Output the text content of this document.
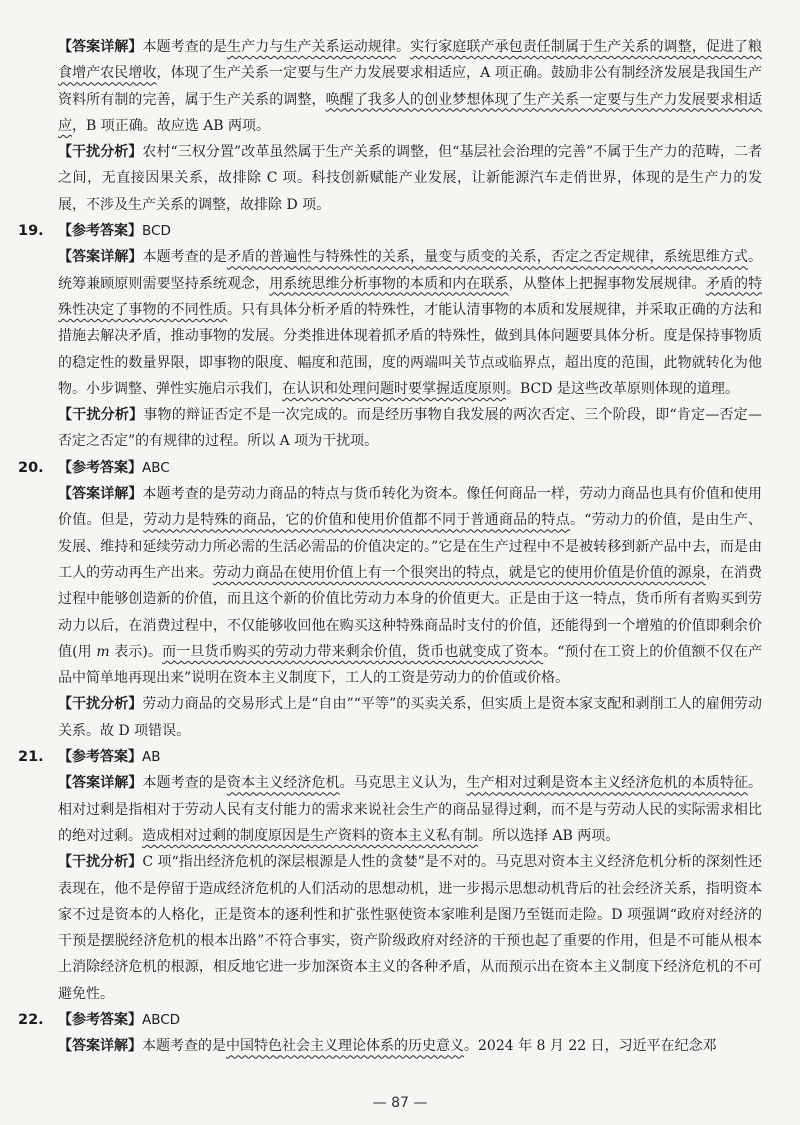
【答案详解】本题考查的是生产力与生产关系运动规律。实行家庭联产承包责任制属于生产关系的调整，促进了粮食增产农民增收，体现了生产关系一定要与生产力发展要求相适应，A 项正确。鼓励非公有制经济发展是我国生产资料所有制的完善，属于生产关系的调整，唤醒了我多人的创业梦想体现了生产关系一定要与生产力发展要求相适应，B 项正确。故应选 AB 两项。

【干扰分析】农村“三权分置”改革虽然属于生产关系的调整，但“基层社会治理的完善”不属于生产力的范畴，二者之间，无直接因果关系，故排除 C 项。科技创新赋能产业发展，让新能源汽车走俏世界，体现的是生产力的发展，不涉及生产关系的调整，故排除 D 项。

19. 【参考答案】BCD

【答案详解】本题考查的是矛盾的普遍性与特殊性的关系，量变与质变的关系，否定之否定规律，系统思维方式。统筹兼顾原则需要坚持系统观念，用系统思维分析事物的本质和内在联系，从整体上把握事物发展规律。矛盾的特殊性决定了事物的不同性质。只有具体分析矛盾的特殊性，才能认清事物的本质和发展规律，并采取正确的方法和措施去解决矛盾，推动事物的发展。分类推进体现着抓矛盾的特殊性，做到具体问题要具体分析。度是保持事物质的稳定性的数量界限，即事物的限度、幅度和范围，度的两端叫关节点或临界点，超出度的范围，此物就转化为他物。小步调整、弹性实施启示我们，在认识和处理问题时要掌握适度原则。BCD 是这些改革原则体现的道理。

【干扰分析】事物的辩证否定不是一次完成的。而是经历事物自我发展的两次否定、三个阶段，即“肯定—否定—否定之否定”的有规律的过程。所以 A 项为干扰项。

20. 【参考答案】ABC

【答案详解】本题考查的是劳动力商品的特点与货币转化为资本。像任何商品一样，劳动力商品也具有价值和使用价值。但是，劳动力是特殊的商品，它的价值和使用价值都不同于普通商品的特点。“劳动力的价值，是由生产、发展、维持和延续劳动力所必需的生活必需品的价值决定的。”它是在生产过程中不是被转移到新产品中去，而是由工人的劳动再生产出来。劳动力商品在使用价值上有一个很突出的特点，就是它的使用价值是价值的源泉，在消费过程中能够创造新的价值，而且这个新的价值比劳动力本身的价值更大。正是由于这一特点，货币所有者购买到劳动力以后，在消费过程中，不仅能够收回他在购买这种特殊商品时支付的价值，还能得到一个增殖的价值即剩余价值(用 m 表示)。而一旦货币购买的劳动力带来剩余价值，货币也就变成了资本。“预付在工资上的价值额不仅在产品中简单地再现出来”说明在资本主义制度下，工人的工资是劳动力的价值或价格。

【干扰分析】劳动力商品的交易形式上是“自由”“平等”的买卖关系，但实质上是资本家支配和剥削工人的雇佣劳动关系。故 D 项错误。

21. 【参考答案】AB

【答案详解】本题考查的是资本主义经济危机。马克思主义认为，生产相对过剩是资本主义经济危机的本质特征。相对过剩是指相对于劳动人民有支付能力的需求来说社会生产的商品显得过剩，而不是与劳动人民的实际需求相比的绝对过剩。造成相对过剩的制度原因是生产资料的资本主义私有制。所以选择 AB 两项。

【干扰分析】C 项“指出经济危机的深层根源是人性的贪婪”是不对的。马克思对资本主义经济危机分析的深刻性还表现在，他不是停留于造成经济危机的人们活动的思想动机，进一步揭示思想动机背后的社会经济关系，指明资本家不过是资本的人格化，正是资本的逐利性和扩张性驱使资本家唯利是图乃至铤而走险。D 项强调“政府对经济的干预是摆脱经济危机的根本出路”不符合事实，资产阶级政府对经济的干预也起了重要的作用，但是不可能从根本上消除经济危机的根源，相反地它进一步加深资本主义的各种矛盾，从而预示出在资本主义制度下经济危机的不可避免性。

22. 【参考答案】ABCD

【答案详解】本题考查的是中国特色社会主义理论体系的历史意义。2024 年 8 月 22 日，习近平在纪念邓

— 87 —
